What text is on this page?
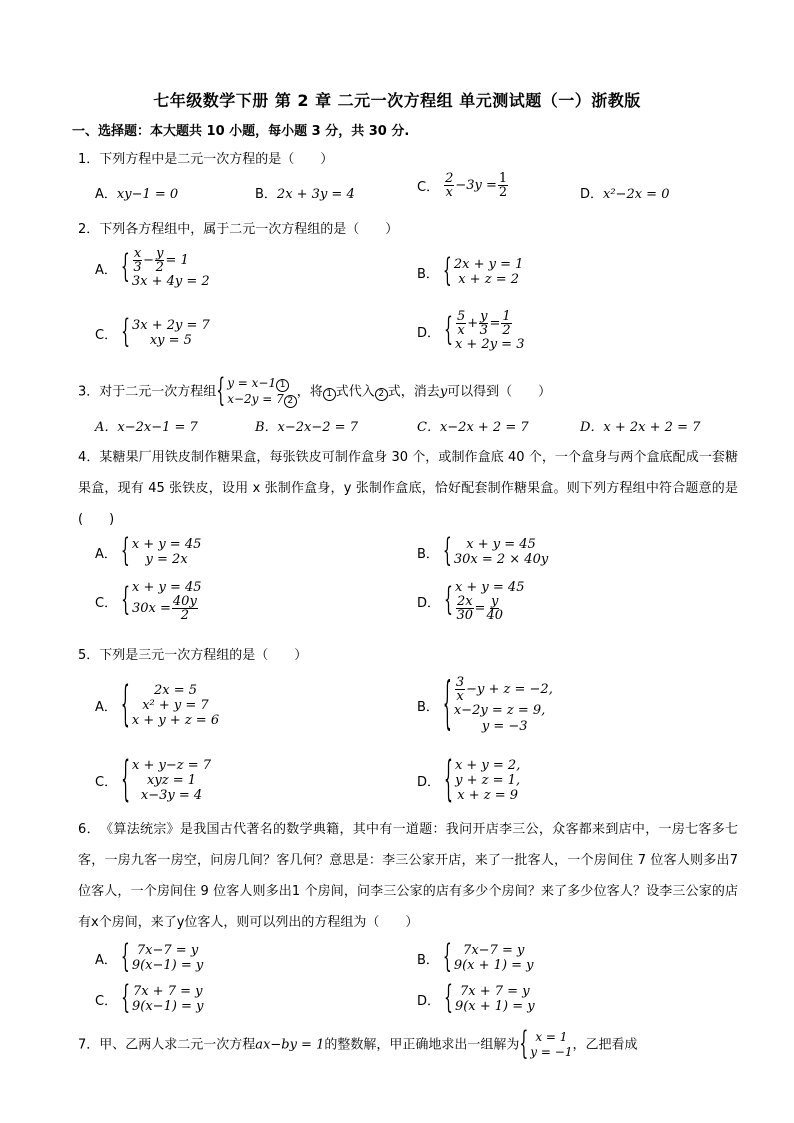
七年级数学下册 第 2 章 二元一次方程组 单元测试题（一）浙教版
一、选择题：本大题共 10 小题，每小题 3 分，共 30 分.
1．下列方程中是二元一次方程的是（　　）
A．xy−1 = 0	B．2x + 3y = 4	C． $\frac{2}{x} -3y = \frac{1}{2}$	D．x²−2x = 0
2．下列各方程组中，属于二元一次方程组的是（　　）
A． { $\frac{x}{3} - \frac{y}{2} = 1$
3x + 4y = 2	B． { 2x + y = 1
x + z = 2
C． { 3x + 2y = 7
xy = 5	D． { $\frac{5}{x} + \frac{y}{3} = \frac{1}{2}$
x + 2y = 3
3．对于二元一次方程组 { y = x−1 1
x−2y = 7 2
，将 1 式代入 2 式，消去y可以得到（　　）
A．x−2x−1 = 7	B．x−2x−2 = 7	C．x−2x + 2 = 7	D．x + 2x + 2 = 7
4．某糖果厂用铁皮制作糖果盒，每张铁皮可制作盒身 30 个，或制作盒底 40 个，一个盒身与两个盒底配成一套糖果盒，现有 45 张铁皮，设用 x 张制作盒身，y 张制作盒底，恰好配套制作糖果盒。则下列方程组中符合题意的是(　　)
A． { x + y = 45
y = 2x	B． { x + y = 45
30x = 2 × 40y
C． { x + y = 45
$30x = \frac{40y}{2}$	D． { x + y = 45
$\frac{2x}{30} = \frac{y}{40}$
5．下列是三元一次方程组的是（　　）
A． { 2x = 5
x² + y = 7
x + y + z = 6
B． { $\frac{3}{x} -y + z = -2$,
x−2y = z = 9,
y = −3
C． { x + y−z = 7
xyz = 1
x−3y = 4
D． { x + y = 2,
y + z = 1,
x + z = 9
6．　《算法统宗》是我国古代著名的数学典籍，其中有一道题：我问开店李三公，众客都来到店中，一房七客多七客，一房九客一房空，问房几间？客几何？意思是：李三公家开店，来了一批客人，一个房间住 7 位客人则多出7 位客人，一个房间住 9 位客人则多出1 个房间，问李三公家的店有多少个房间？来了多少位客人？设李三公家的店有x个房间，来了y位客人，则可以列出的方程组为（　　）
A． { 7x−7 = y
9(x−1) = y	B． { 7x−7 = y
9(x + 1) = y
C． { 7x + 7 = y
9(x−1) = y	D． { 7x + 7 = y
9(x + 1) = y
7．甲、乙两人求二元一次方程ax−by = 1的整数解，甲正确地求出一组解为 { x = 1
y = −1 ，乙把看成
